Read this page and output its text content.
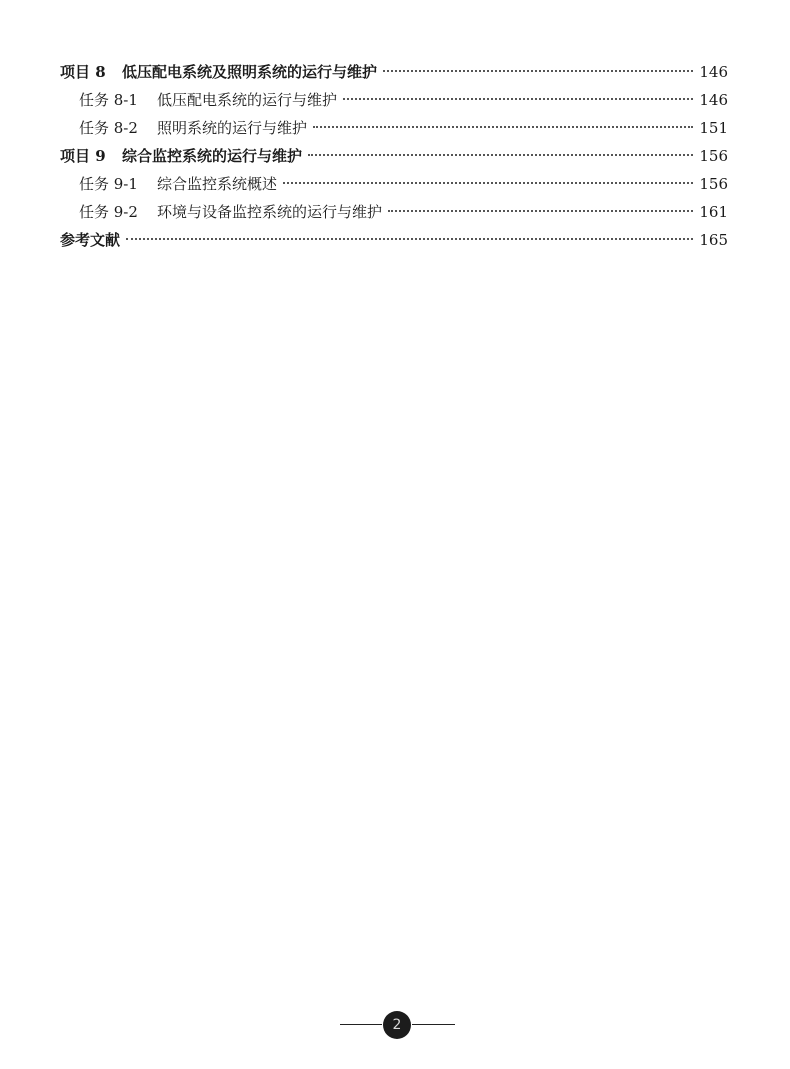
项目 8	低压配电系统及照明系统的运行与维护	146
任务 8-1	低压配电系统的运行与维护	146
任务 8-2	照明系统的运行与维护	151
项目 9	综合监控系统的运行与维护	156
任务 9-1	综合监控系统概述	156
任务 9-2	环境与设备监控系统的运行与维护	161
参考文献	165
2
